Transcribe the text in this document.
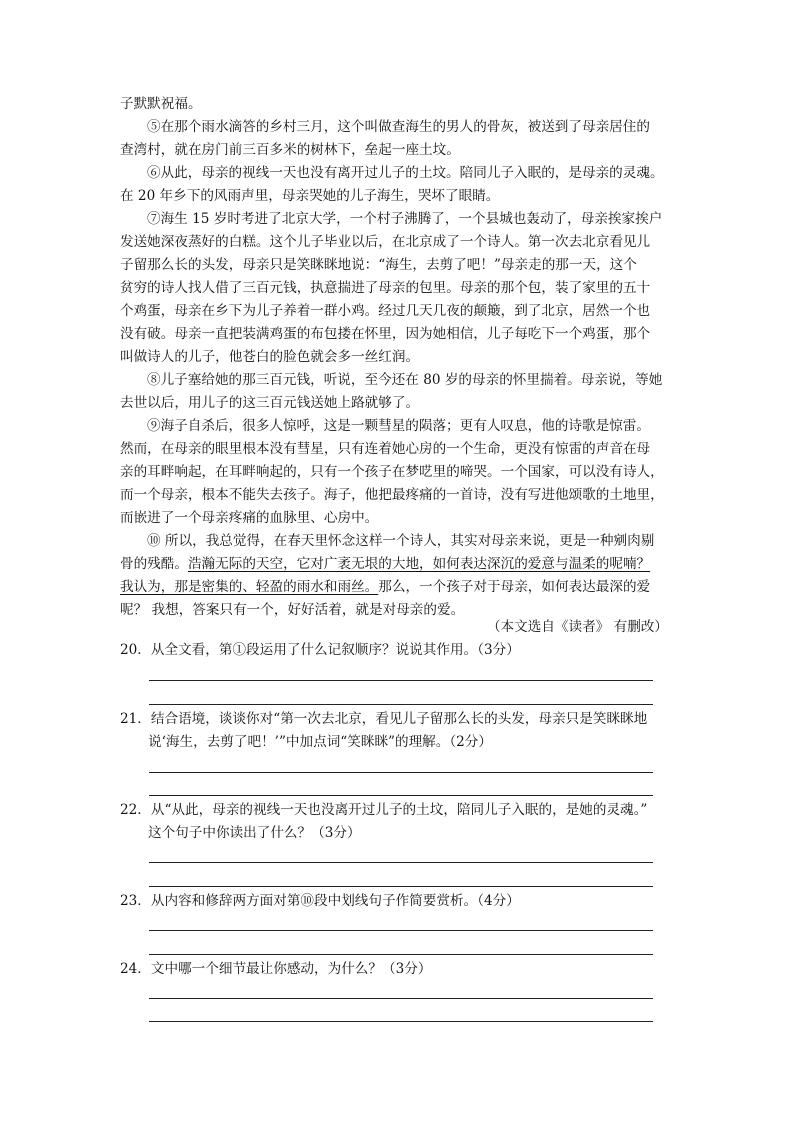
子默默祝福。

⑤在那个雨水滴答的乡村三月，这个叫做查海生的男人的骨灰，被送到了母亲居住的
查湾村，就在房门前三百多米的树林下，垒起一座土坟。

⑥从此，母亲的视线一天也没有离开过儿子的土坟。陪同儿子入眠的，是母亲的灵魂。
在 20 年乡下的风雨声里，母亲哭她的儿子海生，哭坏了眼睛。

⑦海生 15 岁时考进了北京大学，一个村子沸腾了，一个县城也轰动了，母亲挨家挨户
发送她深夜蒸好的白糕。这个儿子毕业以后，在北京成了一个诗人。第一次去北京看见儿
子留那么长的头发，母亲只是笑眯眯地说：“海生，去剪了吧！”母亲走的那一天，这个
贫穷的诗人找人借了三百元钱，执意揣进了母亲的包里。母亲的那个包，装了家里的五十
个鸡蛋，母亲在乡下为儿子养着一群小鸡。经过几天几夜的颠簸，到了北京，居然一个也
没有破。母亲一直把装满鸡蛋的布包搂在怀里，因为她相信，儿子每吃下一个鸡蛋，那个
叫做诗人的儿子，他苍白的脸色就会多一丝红润。

⑧儿子塞给她的那三百元钱，听说，至今还在 80 岁的母亲的怀里揣着。母亲说，等她
去世以后，用儿子的这三百元钱送她上路就够了。

⑨海子自杀后，很多人惊呼，这是一颗彗星的陨落；更有人叹息，他的诗歌是惊雷。
然而，在母亲的眼里根本没有彗星，只有连着她心房的一个生命，更没有惊雷的声音在母
亲的耳畔响起，在耳畔响起的，只有一个孩子在梦呓里的啼哭。一个国家，可以没有诗人，
而一个母亲，根本不能失去孩子。海子，他把最疼痛的一首诗，没有写进他颂歌的土地里，
而嵌进了一个母亲疼痛的血脉里、心房中。

⑩ 所以，我总觉得，在春天里怀念这样一个诗人，其实对母亲来说，更是一种剜肉剔
骨的残酷。浩瀚无际的天空，它对广袤无垠的大地，如何表达深沉的爱意与温柔的呢喃？
我认为，那是密集的、轻盈的雨水和雨丝。那么，一个孩子对于母亲，如何表达最深的爱
呢？ 我想，答案只有一个，好好活着，就是对母亲的爱。

（本文选自《读者》 有删改）

20．从全文看，第①段运用了什么记叙顺序？说说其作用。（3分）

21．结合语境，谈谈你对“第一次去北京，看见儿子留那么长的头发，母亲只是笑眯眯地
说‘海生，去剪了吧！’”中加点词“笑眯眯”的理解。（2分）

22．从“从此，母亲的视线一天也没离开过儿子的土坟，陪同儿子入眠的，是她的灵魂。”
这个句子中你读出了什么？（3分）

23．从内容和修辞两方面对第⑩段中划线句子作简要赏析。（4分）

24．文中哪一个细节最让你感动，为什么？（3分）
